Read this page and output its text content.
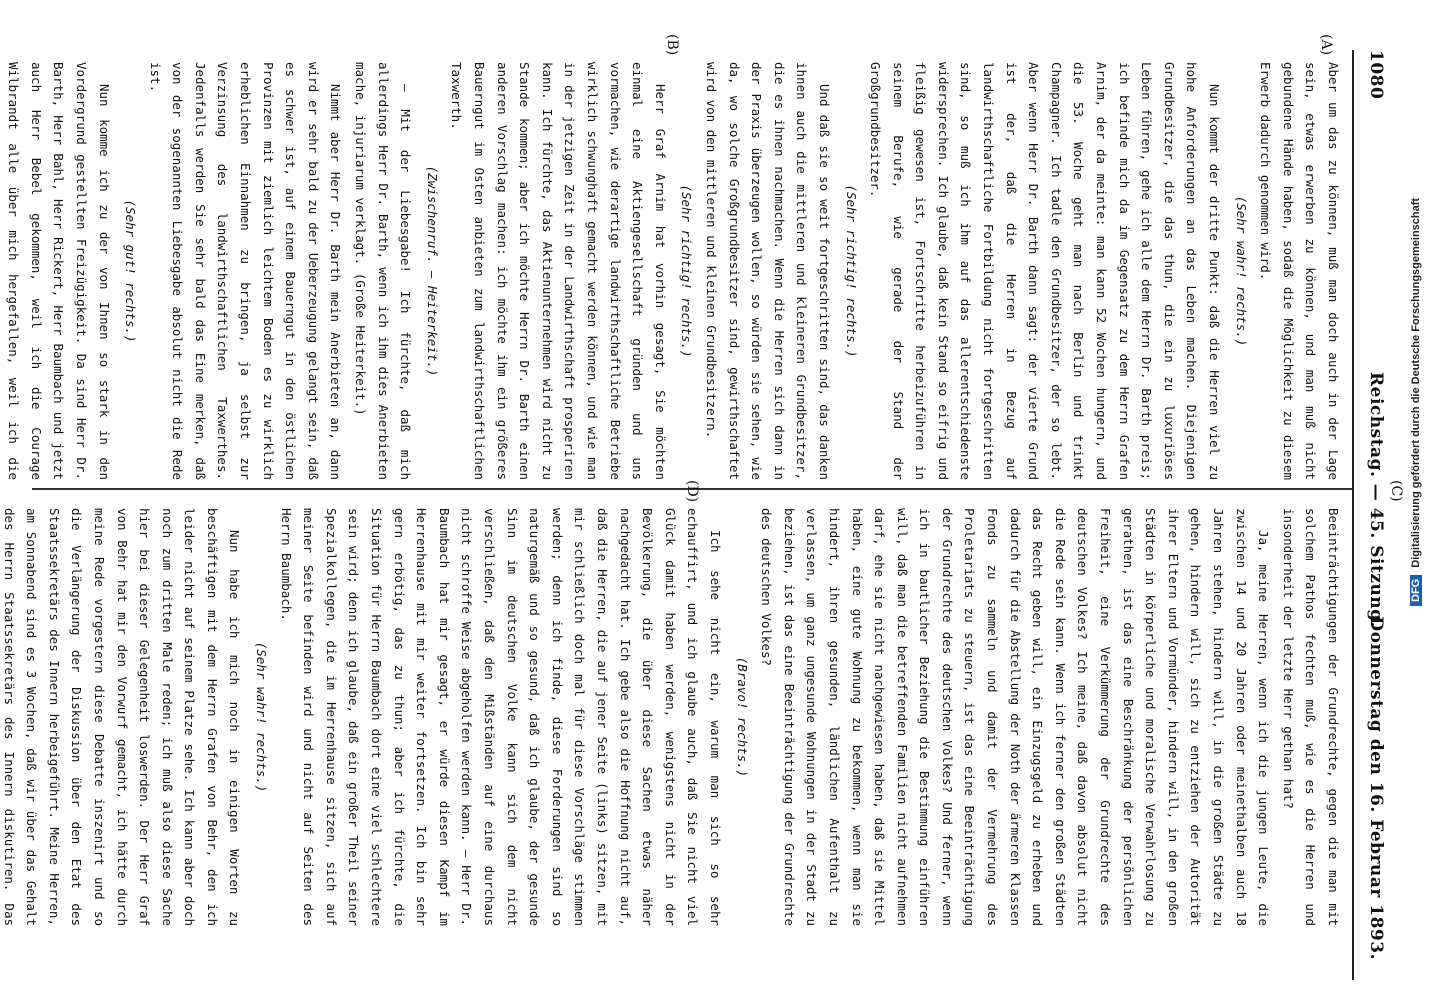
1080
Reichstag. — 45. Sitzung.
Donnerstag den 16. Februar 1893.
(A)
(B)
(C)
(D)

Aber um das zu können, muß man doch auch in der Lage sein, etwas erwerben zu können, und man muß nicht gebundene Hände haben, sodaß die Möglichkeit zu diesem Erwerb dadurch genommen wird.

(Sehr wahr! rechts.)

Nun kommt der dritte Punkt: daß die Herren viel zu hohe Anforderungen an das Leben machen. Diejenigen Grundbesitzer, die das thun, die ein zu luxuriöses Leben führen, gehe ich alle dem Herrn Dr. Barth preis; ich befinde mich da im Gegensatz zu dem Herrn Grafen Arnim, der da meinte: man kann 52 Wochen hungern, und die 53. Woche geht man nach Berlin und trinkt Champagner. Ich tadle den Grundbesitzer, der so lebt. Aber wenn Herr Dr. Barth dann sagt: der vierte Grund ist der, daß die Herren in Bezug auf landwirthschaftliche Fortbildung nicht fortgeschritten sind, so muß ich ihm auf das allerentschiedenste widersprechen. Ich glaube, daß kein Stand so eifrig und fleißig gewesen ist, Fortschritte herbeizuführen in seinem Berufe, wie gerade der Stand der Großgrundbesitzer.

(Sehr richtig! rechts.)

Und daß sie so weit fortgeschritten sind, das danken ihnen auch die mittleren und kleineren Grundbesitzer, die es ihnen nachmachen. Wenn die Herren sich dann in der Praxis überzeugen wollen, so würden sie sehen, wie da, wo solche Großgrundbesitzer sind, gewirthschaftet wird von den mittleren und kleinen Grundbesitzern.

(Sehr richtig! rechts.)

Herr Graf Arnim hat vorhin gesagt, Sie möchten einmal eine Aktiengesellschaft gründen und uns vormachen, wie derartige landwirthschaftliche Betriebe wirklich schwunghaft gemacht werden können, und wie man in der jetzigen Zeit in der Landwirthschaft prosperiren kann. Ich fürchte, das Aktienunternehmen wird nicht zu Stande kommen; aber ich möchte Herrn Dr. Barth einen anderen Vorschlag machen: ich möchte ihm ein größeres Bauerngut im Osten anbieten zum landwirthschaftlichen Taxwerth.

(Zwischenruf. — Heiterkeit.)

— Mit der Liebesgabe! Ich fürchte, daß mich allerdings Herr Dr. Barth, wenn ich ihm dies Anerbieten mache, injuriarum verklagt. (Große Heiterkeit.)

Nimmt aber Herr Dr. Barth mein Anerbieten an, dann wird er sehr bald zu der Ueberzeugung gelangt sein, daß es schwer ist, auf einem Bauerngut in den östlichen Provinzen mit ziemlich leichtem Boden es zu wirklich erheblichen Einnahmen zu bringen, ja selbst zur Verzinsung des landwirthschaftlichen Taxwerthes. Jedenfalls werden Sie sehr bald das Eine merken, daß von der sogenannten Liebesgabe absolut nicht die Rede ist.

(Sehr gut! rechts.)

Nun komme ich zu der von Ihnen so stark in den Vordergrund gestellten Freizügigkeit. Da sind Herr Dr. Barth, Herr Bahl, Herr Rickert, Herr Baumbach und jetzt auch Herr Bebel gekommen, weil ich die Courage Wilbrandt alle über mich hergefallen, weil ich die

Beeinträchtigungen der Grundrechte, gegen die man mit solchem Pathos fechten muß, wie es die Herren und insonderheit der letzte Herr gethan hat?

Ja, meine Herren, wenn ich die jungen Leute, die zwischen 14 und 20 Jahren oder meinethalben auch 18 Jahren stehen, hindern will, in die großen Städte zu gehen, hindern will, sich zu entziehen der Autorität ihrer Eltern und Vormünder, hindern will, in den großen Städten in körperliche und moralische Verwahrlosung zu gerathen, ist das eine Beschränkung der persönlichen Freiheit, eine Verkümmerung der Grundrechte des deutschen Volkes? Ich meine, daß davon absolut nicht die Rede sein kann. Wenn ich ferner den großen Städten das Recht geben will, ein Einzugsgeld zu erheben und dadurch für die Abstellung der Noth der ärmeren Klassen Fonds zu sammeln und damit der Vermehrung des Proletariats zu steuern, ist das eine Beeinträchtigung der Grundrechte des deutschen Volkes? Und ferner, wenn ich in bautlicher Beziehung die Bestimmung einführen will, daß man die betreffenden Familien nicht aufnehmen darf, ehe sie nicht nachgewiesen haben, daß sie Mittel haben, eine gute Wohnung zu bekommen, wenn man sie hindert, ihren gesunden, ländlichen Aufenthalt zu verlassen, um ganz ungesunde Wohnungen in der Stadt zu beziehen, ist das eine Beeinträchtigung der Grundrechte des deutschen Volkes?

(Bravo! rechts.)

Ich sehe nicht ein, warum man sich so sehr echauffirt, und ich glaube auch, daß Sie nicht viel Glück damit haben werden, wenigstens nicht in der Bevölkerung, die über diese Sachen etwas näher nachgedacht hat. Ich gebe also die Hoffnung nicht auf, daß die Herren, die auf jener Seite (links) sitzen, mit mir schließlich doch mal für diese Vorschläge stimmen werden; denn ich finde, diese Forderungen sind so naturgemäß und so gesund, daß ich glaube, der gesunde Sinn im deutschen Volke kann sich dem nicht verschließen, daß den Mißständen auf eine durchaus nicht schroffe Weise abgeholfen werden kann. — Herr Dr. Baumbach hat mir gesagt, er würde diesen Kampf im Herrenhause mit mir weiter fortsetzen. Ich bin sehr gern erbötig, das zu thun; aber ich fürchte, die Situation für Herrn Baumbach dort eine viel schlechtere sein wird; denn ich glaube, daß ein großer Theil seiner Spezialkollegen, die im Herrenhause sitzen, sich auf meiner Seite befinden wird und nicht auf Seiten des Herrn Baumbach.

(Sehr wahr! rechts.)

Nun habe ich mich noch in einigen Worten zu beschäftigen mit dem Herrn Grafen von Behr, den ich leider nicht auf seinem Platze sehe. Ich kann aber doch noch zum dritten Male reden; ich muß also diese Sache hier bei dieser Gelegenheit loswerden. Der Herr Graf von Behr hat mir den Vorwurf gemacht, ich hätte durch meine Rede vorgestern diese Debatte inszenirt und so die Verlängerung der Diskussion über den Etat des Staatssekretärs des Innern herbeigeführt. Meine Herren, am Sonnabend sind es 3 Wochen, daß wir über das Gehalt des Herrn Staatssekretärs des Innern diskutiren. Das

DFG Digitalisierung gefördert durch die Deutsche Forschungsgemeinschaft
